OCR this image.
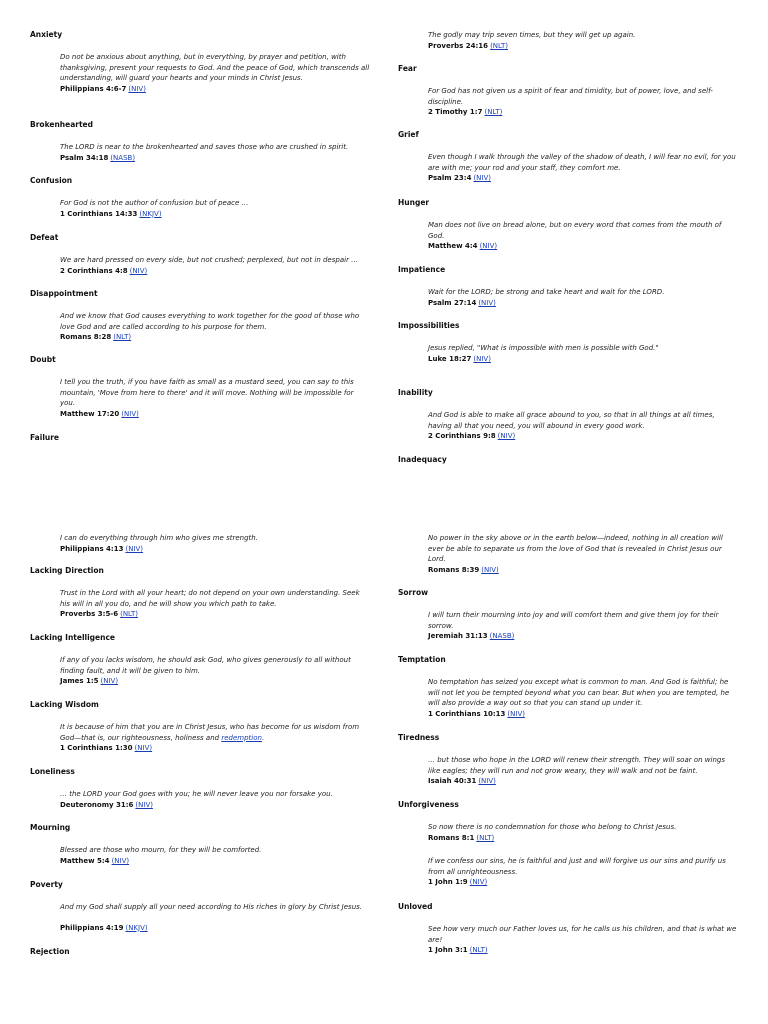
Anxiety
Do not be anxious about anything, but in everything, by prayer and petition, with thanksgiving, present your requests to God. And the peace of God, which transcends all understanding, will guard your hearts and your minds in Christ Jesus.
Philippians 4:6-7 (NIV)
Brokenhearted
The LORD is near to the brokenhearted and saves those who are crushed in spirit.
Psalm 34:18 (NASB)
Confusion
For God is not the author of confusion but of peace …
1 Corinthians 14:33 (NKJV)
Defeat
We are hard pressed on every side, but not crushed; perplexed, but not in despair …
2 Corinthians 4:8 (NIV)
Disappointment
And we know that God causes everything to work together for the good of those who love God and are called according to his purpose for them.
Romans 8:28 (NLT)
Doubt
I tell you the truth, if you have faith as small as a mustard seed, you can say to this mountain, 'Move from here to there' and it will move. Nothing will be impossible for you.
Matthew 17:20 (NIV)
Failure
I can do everything through him who gives me strength.
Philippians 4:13 (NIV)
Lacking Direction
Trust in the Lord with all your heart; do not depend on your own understanding. Seek his will in all you do, and he will show you which path to take.
Proverbs 3:5-6 (NLT)
Lacking Intelligence
If any of you lacks wisdom, he should ask God, who gives generously to all without finding fault, and it will be given to him.
James 1:5 (NIV)
Lacking Wisdom
It is because of him that you are in Christ Jesus, who has become for us wisdom from God—that is, our righteousness, holiness and redemption.
1 Corinthians 1:30 (NIV)
Loneliness
… the LORD your God goes with you; he will never leave you nor forsake you.
Deuteronomy 31:6 (NIV)
Mourning
Blessed are those who mourn, for they will be comforted.
Matthew 5:4 (NIV)
Poverty
And my God shall supply all your need according to His riches in glory by Christ Jesus.
Philippians 4:19 (NKJV)
Rejection
The godly may trip seven times, but they will get up again.
Proverbs 24:16 (NLT)
Fear
For God has not given us a spirit of fear and timidity, but of power, love, and self-discipline.
2 Timothy 1:7 (NLT)
Grief
Even though I walk through the valley of the shadow of death, I will fear no evil, for you are with me; your rod and your staff, they comfort me.
Psalm 23:4 (NIV)
Hunger
Man does not live on bread alone, but on every word that comes from the mouth of God.
Matthew 4:4 (NIV)
Impatience
Wait for the LORD; be strong and take heart and wait for the LORD.
Psalm 27:14 (NIV)
Impossibilities
Jesus replied, "What is impossible with men is possible with God."
Luke 18:27 (NIV)
Inability
And God is able to make all grace abound to you, so that in all things at all times, having all that you need, you will abound in every good work.
2 Corinthians 9:8 (NIV)
Inadequacy
No power in the sky above or in the earth below—indeed, nothing in all creation will ever be able to separate us from the love of God that is revealed in Christ Jesus our Lord.
Romans 8:39 (NIV)
Sorrow
I will turn their mourning into joy and will comfort them and give them joy for their sorrow.
Jeremiah 31:13 (NASB)
Temptation
No temptation has seized you except what is common to man. And God is faithful; he will not let you be tempted beyond what you can bear. But when you are tempted, he will also provide a way out so that you can stand up under it.
1 Corinthians 10:13 (NIV)
Tiredness
… but those who hope in the LORD will renew their strength. They will soar on wings like eagles; they will run and not grow weary, they will walk and not be faint.
Isaiah 40:31 (NIV)
Unforgiveness
So now there is no condemnation for those who belong to Christ Jesus.
Romans 8:1 (NLT)
If we confess our sins, he is faithful and just and will forgive us our sins and purify us from all unrighteousness.
1 John 1:9 (NIV)
Unloved
See how very much our Father loves us, for he calls us his children, and that is what we are!
1 John 3:1 (NLT)
